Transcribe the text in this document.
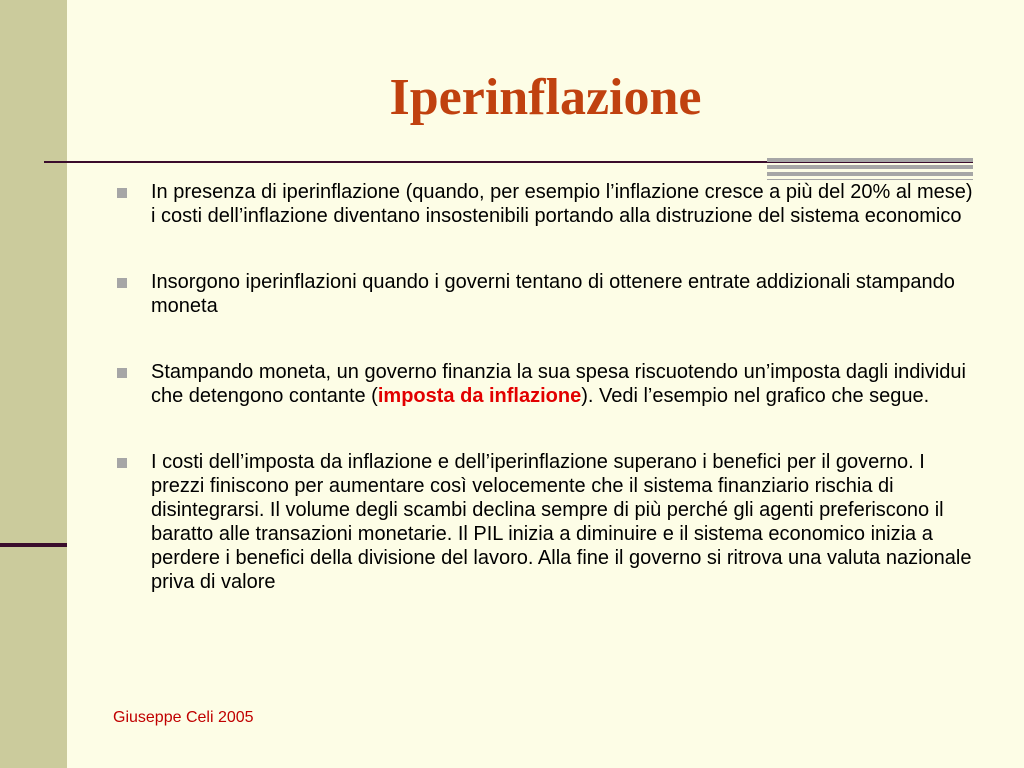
Iperinflazione
In presenza di iperinflazione (quando, per esempio l’inflazione cresce a più del 20% al mese) i costi dell’inflazione diventano insostenibili portando alla distruzione del sistema economico
Insorgono iperinflazioni quando i governi tentano di ottenere entrate addizionali stampando moneta
Stampando moneta, un governo finanzia la sua spesa riscuotendo un’imposta dagli individui che detengono contante (imposta da inflazione). Vedi l’esempio nel grafico che segue.
I costi dell’imposta da inflazione e dell’iperinflazione superano i benefici per il governo. I prezzi finiscono per aumentare così velocemente che il sistema finanziario rischia di disintegrarsi. Il volume degli scambi declina sempre di più perché gli agenti preferiscono il baratto alle transazioni monetarie. Il PIL inizia a diminuire e il sistema economico inizia a perdere i benefici della divisione del lavoro. Alla fine il governo si ritrova una valuta nazionale priva di valore
Giuseppe Celi 2005
